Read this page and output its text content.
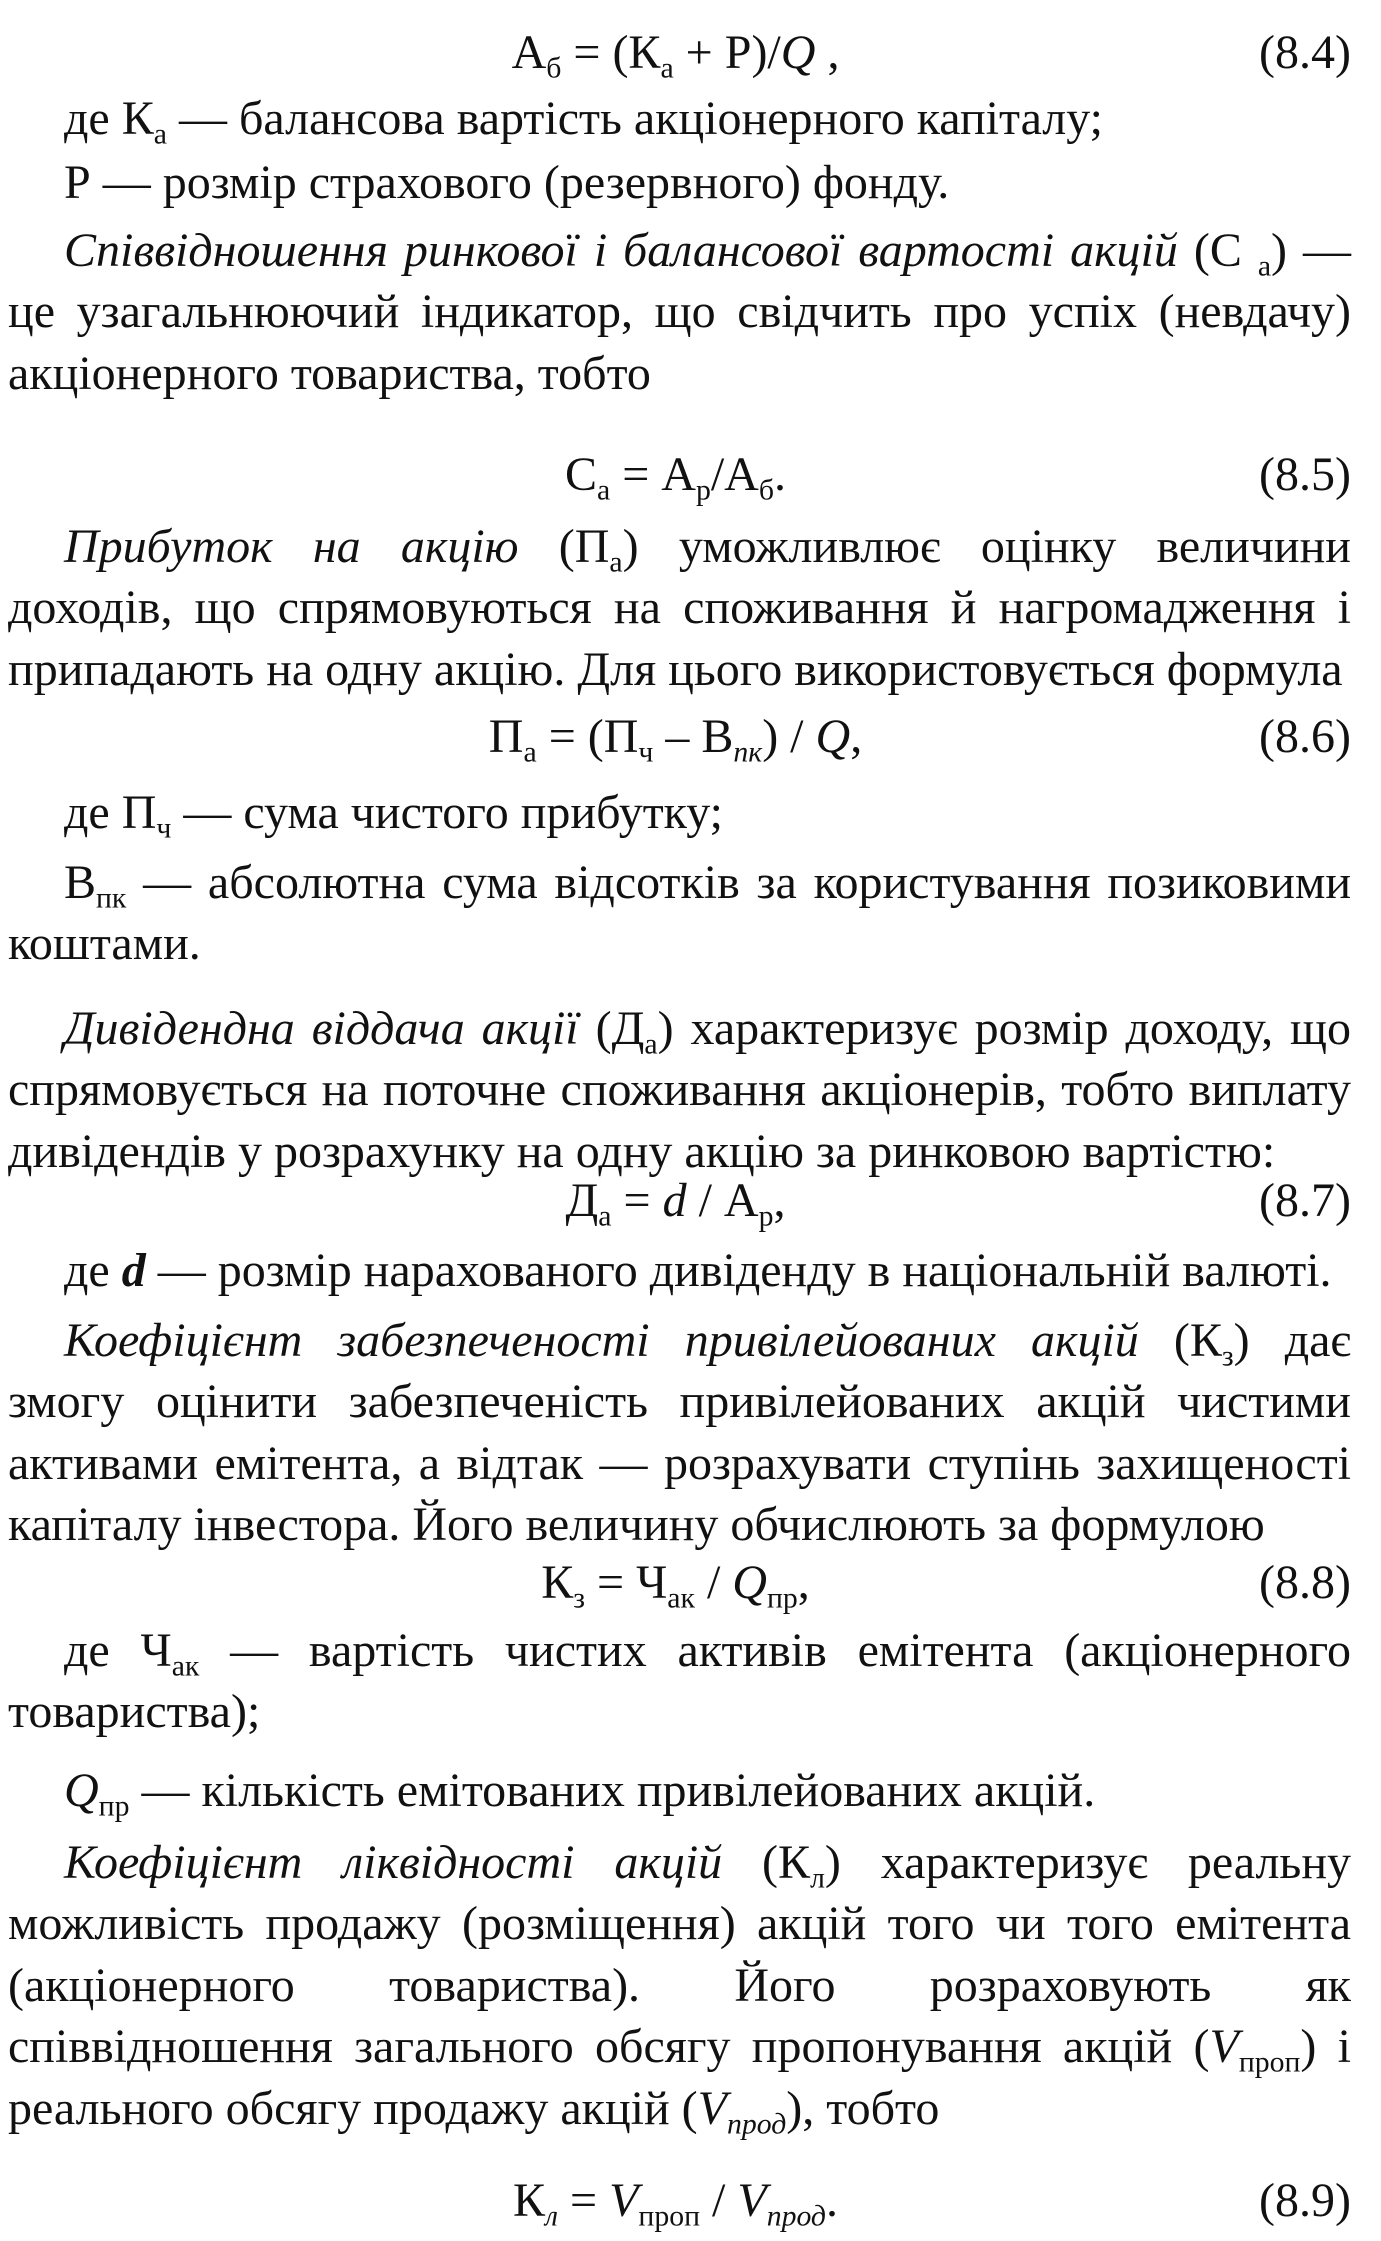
$А_б = (К_а + Р)/Q$ ,	(8.4)

де $К_а$ — балансова вартість акціонерного капіталу;

Р — розмір страхового (резервного) фонду.

Співвідношення ринкової і балансової вартості акцій (С $_а$) — це узагальнюючий індикатор, що свідчить про успіх (невдачу) акціонерного товариства, тобто

$С_а = А_р/А_б$.	(8.5)

Прибуток на акцію $(П_а)$ уможливлює оцінку величини доходів, що спрямовуються на споживання й нагромадження і припадають на одну акцію. Для цього використовується формула

$П_а = (П_ч - В_{пк}) / Q$,	(8.6)

де $П_ч$ — сума чистого прибутку;

$В_{пк}$ — абсолютна сума відсотків за користування позиковими коштами.

Дивідендна віддача акції $(Д_а)$ характеризує розмір доходу, що спрямовується на поточне споживання акціонерів, тобто виплату дивідендів у розрахунку на одну акцію за ринковою вартістю:

$Д_а = d / А_р$,	(8.7)

де d — розмір нарахованого дивіденду в національній валюті.

Коефіцієнт забезпеченості привілейованих акцій $(К_з)$ дає змогу оцінити забезпеченість привілейованих акцій чистими активами емітента, а відтак — розрахувати ступінь захищеності капіталу інвестора. Його величину обчислюють за формулою

$К_з = Ч_{ак} / Q_{пр}$,	(8.8)

де $Ч_{ак}$ — вартість чистих активів емітента (акціонерного товариства);

$Q_{пр}$ — кількість емітованих привілейованих акцій.

Коефіцієнт ліквідності акцій $(К_л)$ характеризує реальну можливість продажу (розміщення) акцій того чи того емітента (акціонерного товариства). Його розраховують як співвідношення загального обсягу пропонування акцій $(V_{проп})$ і реального обсягу продажу акцій $(V_{прод})$, тобто

$К_л = V_{проп} / V_{прод}$.	(8.9)
